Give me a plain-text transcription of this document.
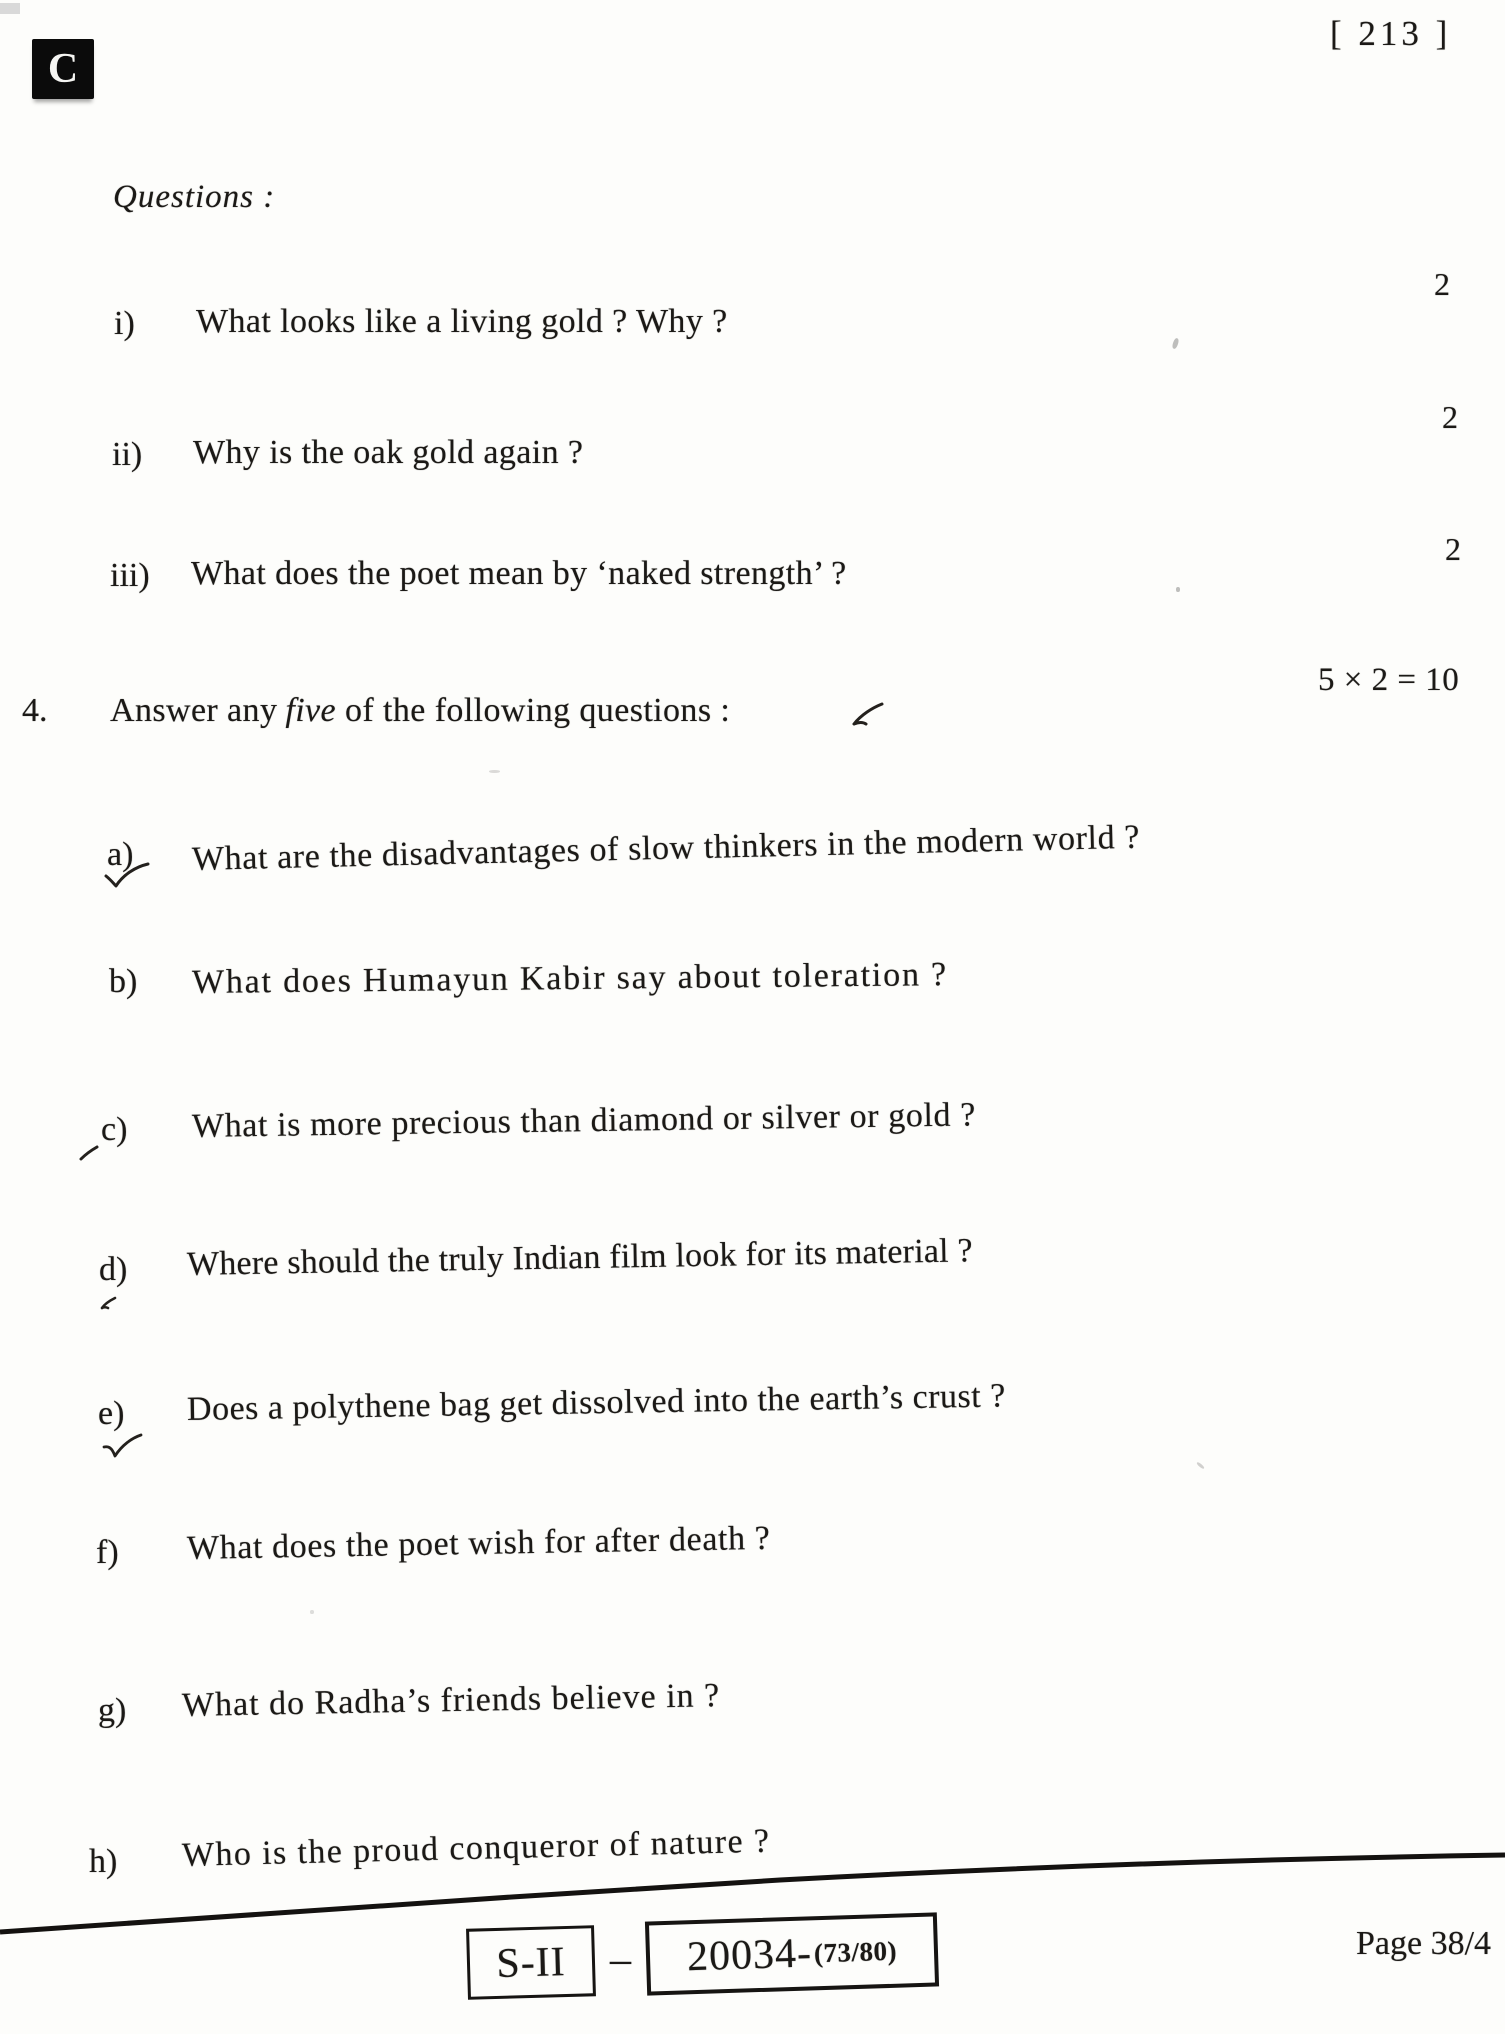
C
[ 213 ]
Questions :
2
2
2
i) What looks like a living gold ? Why ?
ii) Why is the oak gold again ?
iii) What does the poet mean by ‘naked strength’ ?
4. Answer any five of the following questions :
5 × 2 = 10
a) What are the disadvantages of slow thinkers in the modern world ?
b) What does Humayun Kabir say about toleration ?
c) What is more precious than diamond or silver or gold ?
d) Where should the truly Indian film look for its material ?
e) Does a polythene bag get dissolved into the earth’s crust ?
f) What does the poet wish for after death ?
g) What do Radha’s friends believe in ?
h) Who is the proud conqueror of nature ?
S-II – 20034- (73/80)	Page 38/4
